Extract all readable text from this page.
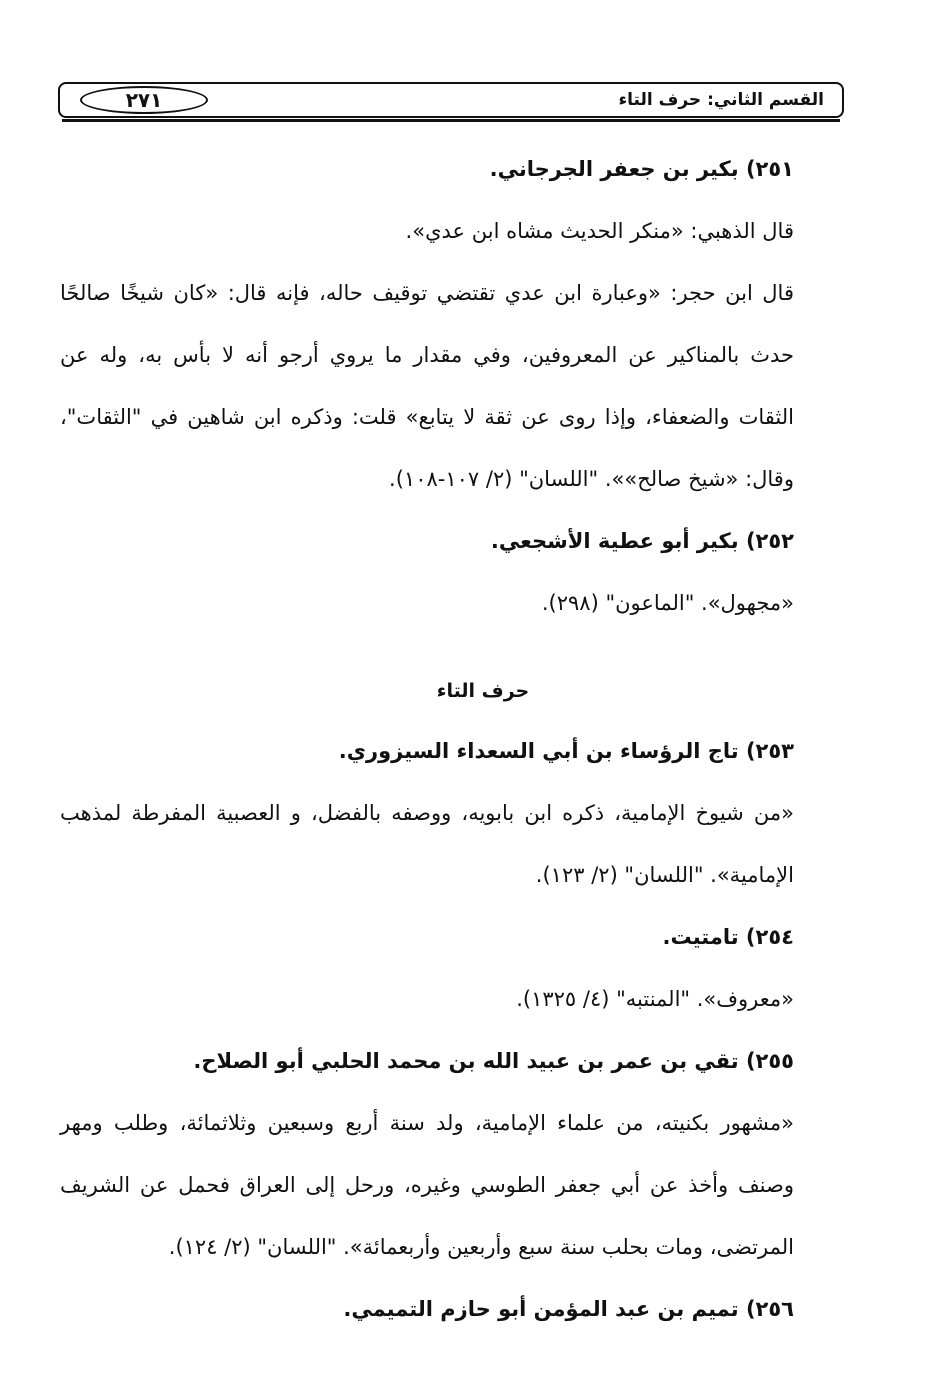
القسم الثاني: حرف التاء
٢٧١

٢٥١) بكير بن جعفر الجرجاني.

قال الذهبي: «منكر الحديث مشاه ابن عدي».

قال ابن حجر: «وعبارة ابن عدي تقتضي توقيف حاله، فإنه قال: «كان شيخًا صالحًا حدث بالمناكير عن المعروفين، وفي مقدار ما يروي أرجو أنه لا بأس به، وله عن الثقات والضعفاء، وإذا روى عن ثقة لا يتابع» قلت: وذكره ابن شاهين في "الثقات"، وقال: «شيخ صالح»». "اللسان" (٢/ ١٠٧-١٠٨).

٢٥٢) بكير أبو عطية الأشجعي.

«مجهول». "الماعون" (٢٩٨).

حرف التاء

٢٥٣) تاج الرؤساء بن أبي السعداء السيزوري.

«من شيوخ الإمامية، ذكره ابن بابويه، ووصفه بالفضل، و العصبية المفرطة لمذهب الإمامية». "اللسان" (٢/ ١٢٣).

٢٥٤) تامتيت.

«معروف». "المنتبه" (٤/ ١٣٢٥).

٢٥٥) تقي بن عمر بن عبيد الله بن محمد الحلبي أبو الصلاح.

«مشهور بكنيته، من علماء الإمامية، ولد سنة أربع وسبعين وثلاثمائة، وطلب ومهر وصنف وأخذ عن أبي جعفر الطوسي وغيره، ورحل إلى العراق فحمل عن الشريف المرتضى، ومات بحلب سنة سبع وأربعين وأربعمائة». "اللسان" (٢/ ١٢٤).

٢٥٦) تميم بن عبد المؤمن أبو حازم التميمي.
